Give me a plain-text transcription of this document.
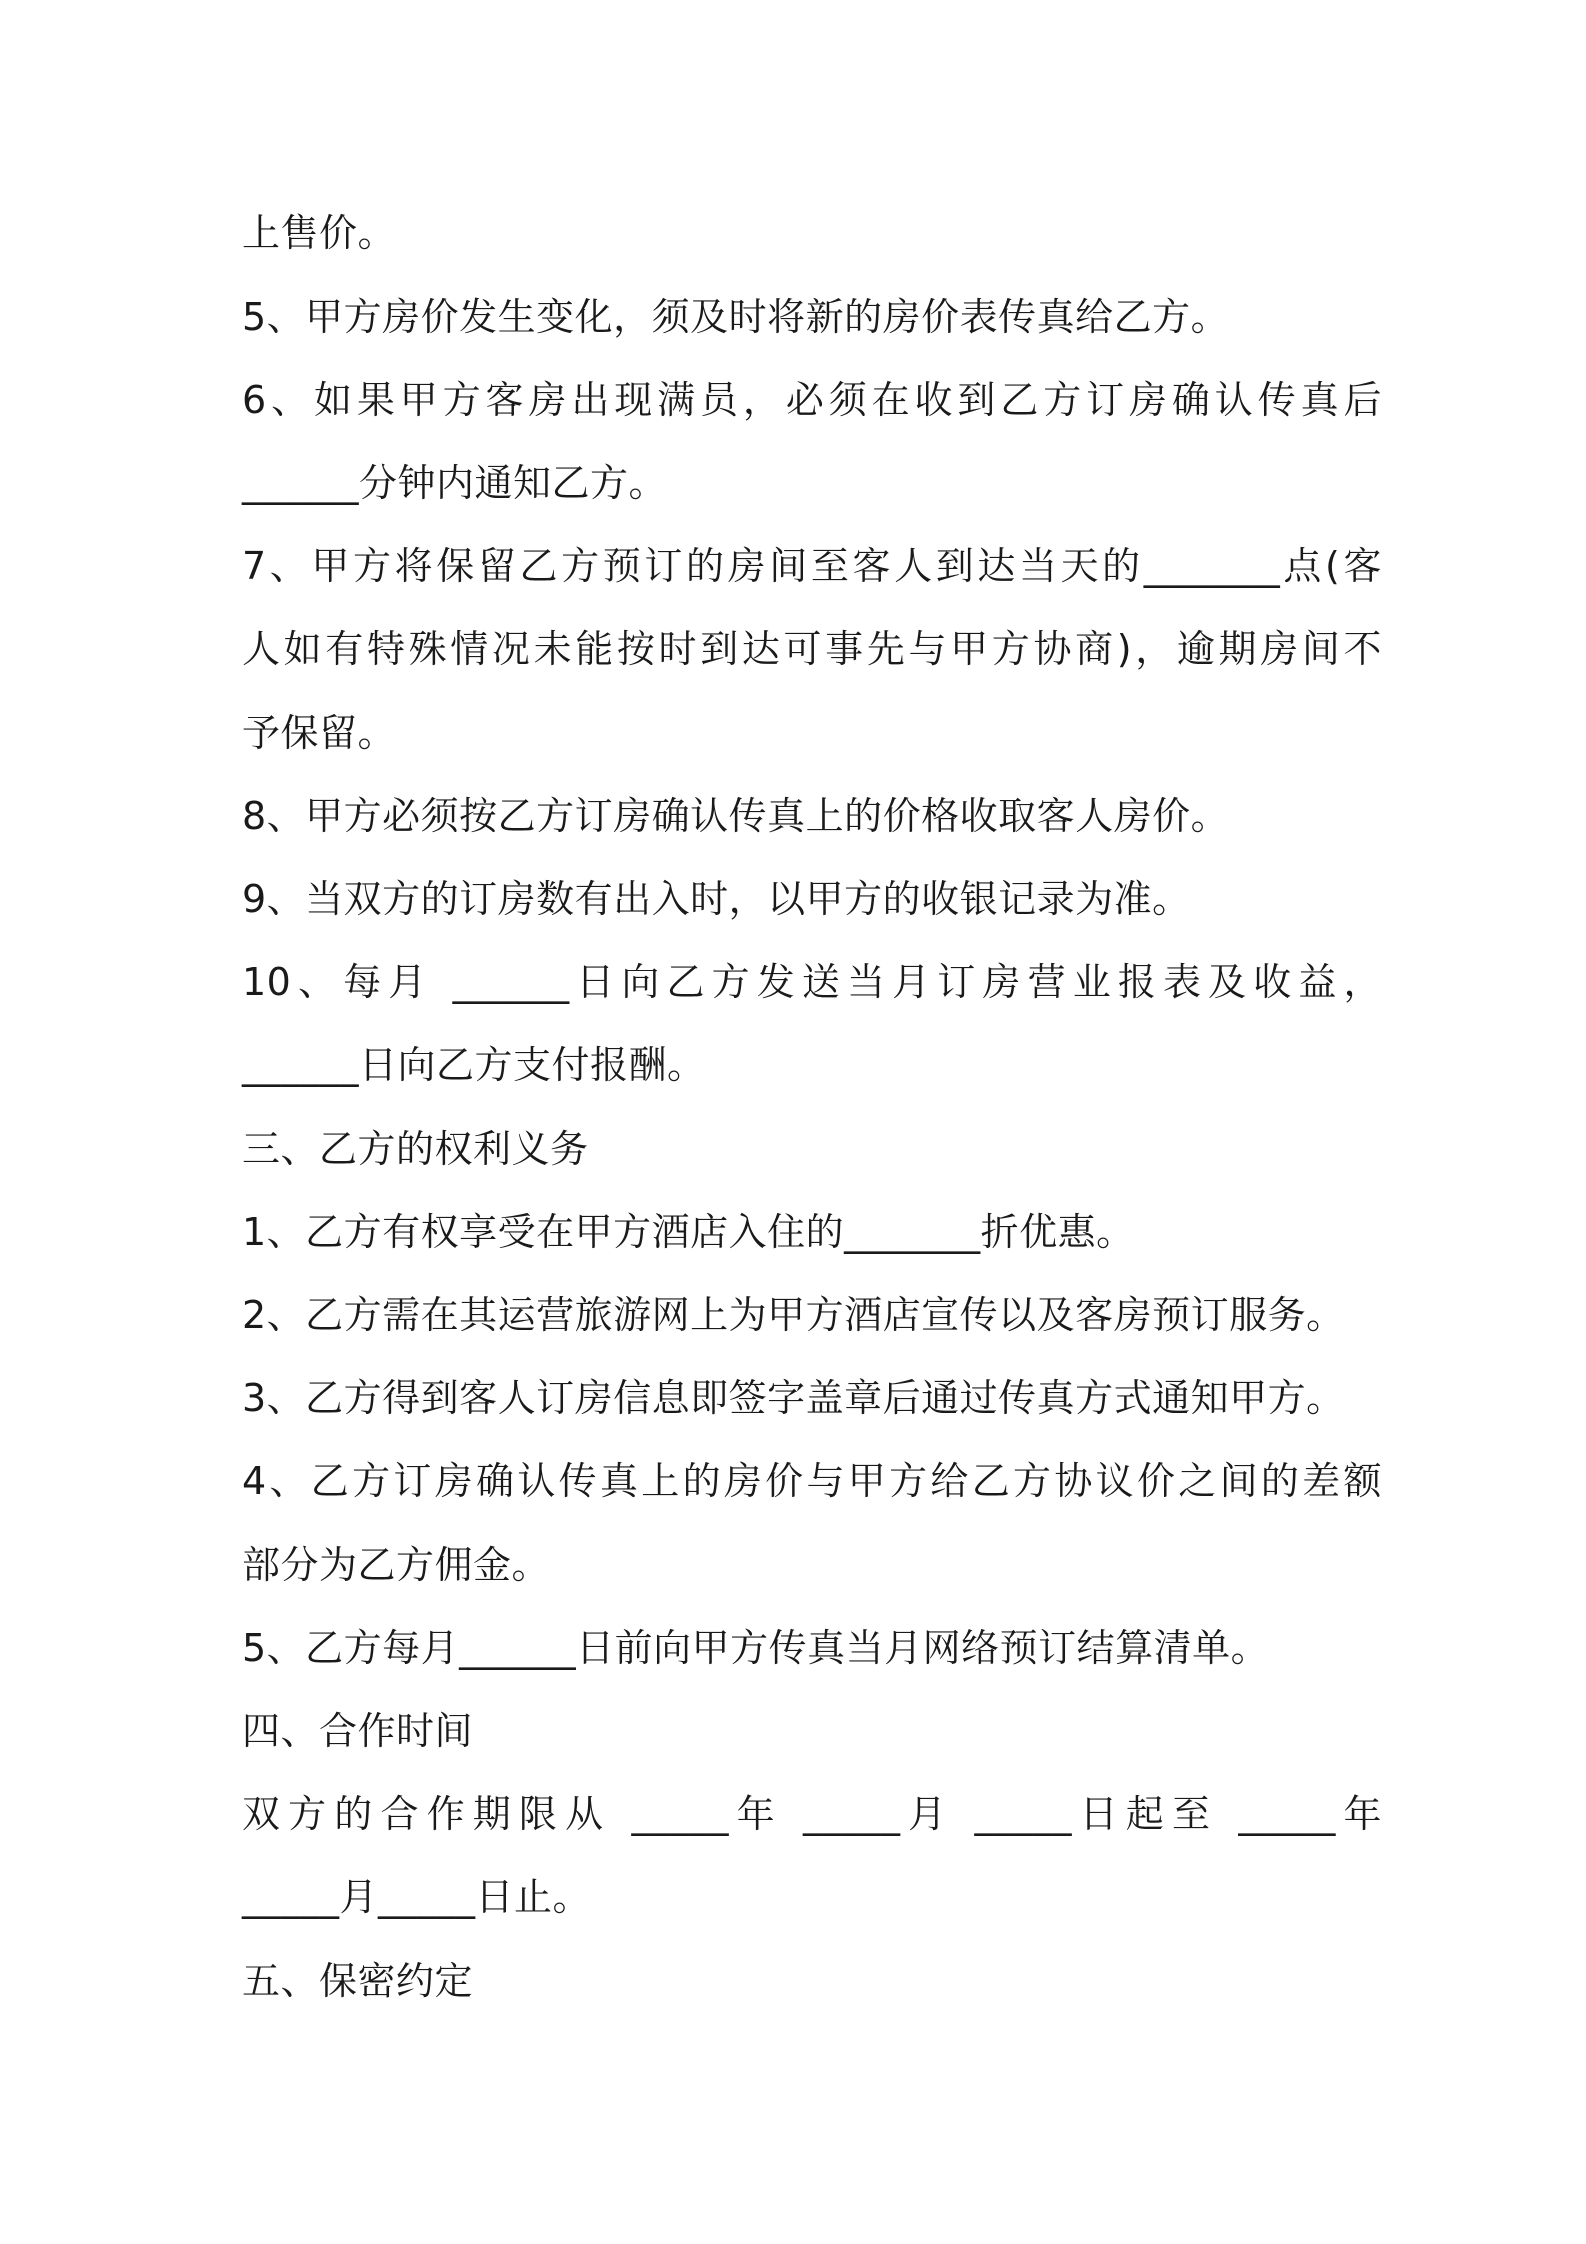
上售价。
5、甲方房价发生变化，须及时将新的房价表传真给乙方。
6、如果甲方客房出现满员，必须在收到乙方订房确认传真后
______分钟内通知乙方。
7、甲方将保留乙方预订的房间至客人到达当天的_______点(客
人如有特殊情况未能按时到达可事先与甲方协商)，逾期房间不
予保留。
8、甲方必须按乙方订房确认传真上的价格收取客人房价。
9、当双方的订房数有出入时，以甲方的收银记录为准。
10、每月 ______日向乙方发送当月订房营业报表及收益，
______日向乙方支付报酬。
三、乙方的权利义务
1、乙方有权享受在甲方酒店入住的_______折优惠。
2、乙方需在其运营旅游网上为甲方酒店宣传以及客房预订服务。
3、乙方得到客人订房信息即签字盖章后通过传真方式通知甲方。
4、乙方订房确认传真上的房价与甲方给乙方协议价之间的差额
部分为乙方佣金。
5、乙方每月______日前向甲方传真当月网络预订结算清单。
四、合作时间
双方的合作期限从 _____年 _____月 _____日起至 _____年
_____月_____日止。
五、保密约定
